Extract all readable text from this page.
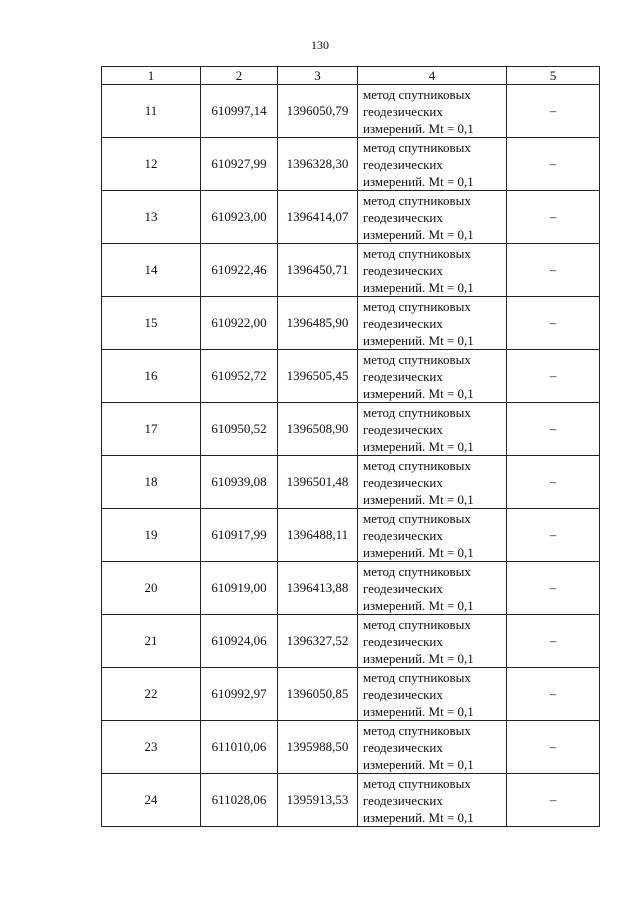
130
1	2	3	4	5
11	610997,14	1396050,79	метод спутниковых
геодезических
измерений. Mt = 0,1	–
12	610927,99	1396328,30	метод спутниковых
геодезических
измерений. Mt = 0,1	–
13	610923,00	1396414,07	метод спутниковых
геодезических
измерений. Mt = 0,1	–
14	610922,46	1396450,71	метод спутниковых
геодезических
измерений. Mt = 0,1	–
15	610922,00	1396485,90	метод спутниковых
геодезических
измерений. Mt = 0,1	–
16	610952,72	1396505,45	метод спутниковых
геодезических
измерений. Mt = 0,1	–
17	610950,52	1396508,90	метод спутниковых
геодезических
измерений. Mt = 0,1	–
18	610939,08	1396501,48	метод спутниковых
геодезических
измерений. Mt = 0,1	–
19	610917,99	1396488,11	метод спутниковых
геодезических
измерений. Mt = 0,1	–
20	610919,00	1396413,88	метод спутниковых
геодезических
измерений. Mt = 0,1	–
21	610924,06	1396327,52	метод спутниковых
геодезических
измерений. Mt = 0,1	–
22	610992,97	1396050,85	метод спутниковых
геодезических
измерений. Mt = 0,1	–
23	611010,06	1395988,50	метод спутниковых
геодезических
измерений. Mt = 0,1	–
24	611028,06	1395913,53	метод спутниковых
геодезических
измерений. Mt = 0,1	–
